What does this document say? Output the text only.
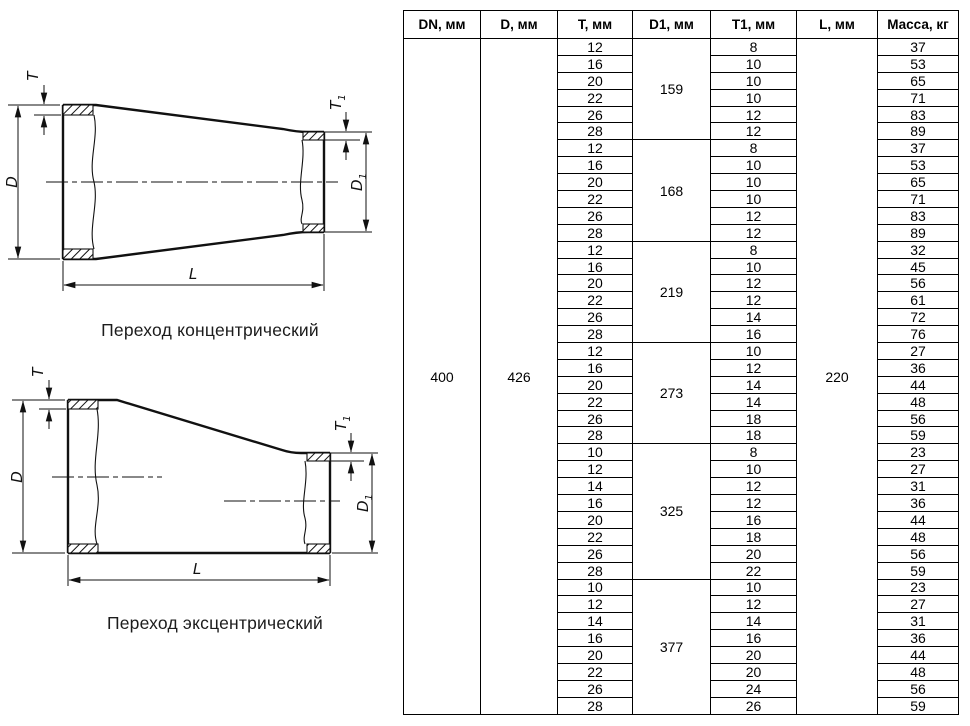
D
T
$T_1$
$D_1$
L
Переход концентрический
D
T
$T_1$
$D_1$
L
Переход эксцентрический
DN, мм	D, мм	T, мм	D1, мм	T1, мм	L, мм	Масса, кг
400	426	12	159	8	220	37
		16		10		53
		20		10		65
		22		10		71
		26		12		83
		28		12		89
		12	168	8		37
		16		10		53
		20		10		65
		22		10		71
		26		12		83
		28		12		89
		12	219	8		32
		16		10		45
		20		12		56
		22		12		61
		26		14		72
		28		16		76
		12	273	10		27
		16		12		36
		20		14		44
		22		14		48
		26		18		56
		28		18		59
		10	325	8		23
		12		10		27
		14		12		31
		16		12		36
		20		16		44
		22		18		48
		26		20		56
		28		22		59
		10	377	10		23
		12		12		27
		14		14		31
		16		16		36
		20		20		44
		22		20		48
		26		24		56
		28		26		59
